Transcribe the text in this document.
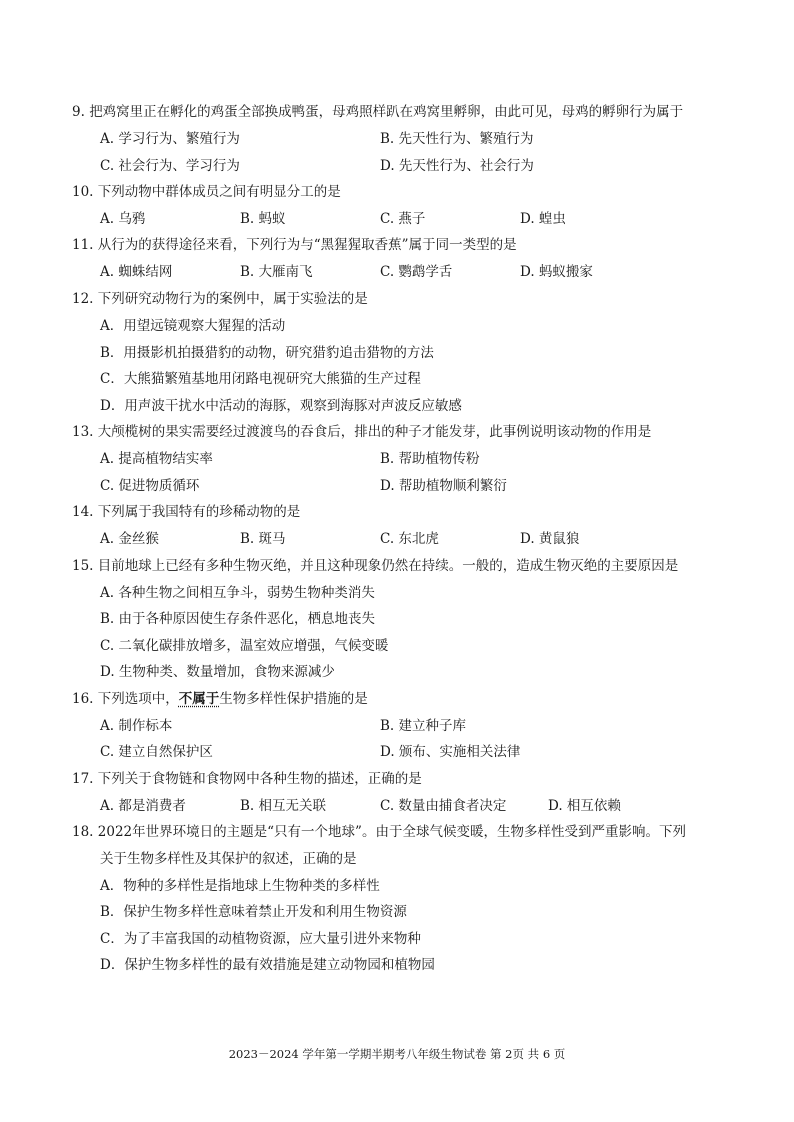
9. 把鸡窝里正在孵化的鸡蛋全部换成鸭蛋，母鸡照样趴在鸡窝里孵卵，由此可见，母鸡的孵卵行为属于
A. 学习行为、繁殖行为	B. 先天性行为、繁殖行为
C. 社会行为、学习行为	D. 先天性行为、社会行为
10. 下列动物中群体成员之间有明显分工的是
A. 乌鸦	B. 蚂蚁	C. 燕子	D. 蝗虫
11. 从行为的获得途径来看，下列行为与“黑猩猩取香蕉”属于同一类型的是
A. 蜘蛛结网	B. 大雁南飞	C. 鹦鹉学舌	D. 蚂蚁搬家
12. 下列研究动物行为的案例中，属于实验法的是
A．用望远镜观察大猩猩的活动
B．用摄影机拍摄猎豹的动物，研究猎豹追击猎物的方法
C．大熊猫繁殖基地用闭路电视研究大熊猫的生产过程
D．用声波干扰水中活动的海豚，观察到海豚对声波反应敏感
13. 大颅榄树的果实需要经过渡渡鸟的吞食后，排出的种子才能发芽，此事例说明该动物的作用是
A. 提高植物结实率	B. 帮助植物传粉
C. 促进物质循环	D. 帮助植物顺利繁衍
14. 下列属于我国特有的珍稀动物的是
A. 金丝猴	B. 斑马	C. 东北虎	D. 黄鼠狼
15. 目前地球上已经有多种生物灭绝，并且这种现象仍然在持续。一般的，造成生物灭绝的主要原因是
A. 各种生物之间相互争斗，弱势生物种类消失
B. 由于各种原因使生存条件恶化，栖息地丧失
C. 二氧化碳排放增多，温室效应增强，气候变暖
D. 生物种类、数量增加，食物来源减少
16. 下列选项中，不属于生物多样性保护措施的是
A. 制作标本	B. 建立种子库
C. 建立自然保护区	D. 颁布、实施相关法律
17. 下列关于食物链和食物网中各种生物的描述，正确的是
A. 都是消费者	B. 相互无关联	C. 数量由捕食者决定	D. 相互依赖
18. 2022年世界环境日的主题是“只有一个地球”。由于全球气候变暖，生物多样性受到严重影响。下列
关于生物多样性及其保护的叙述，正确的是
A．物种的多样性是指地球上生物种类的多样性
B．保护生物多样性意味着禁止开发和利用生物资源
C．为了丰富我国的动植物资源，应大量引进外来物种
D．保护生物多样性的最有效措施是建立动物园和植物园
2023－2024 学年第一学期半期考八年级生物试卷 第 2页 共 6 页
